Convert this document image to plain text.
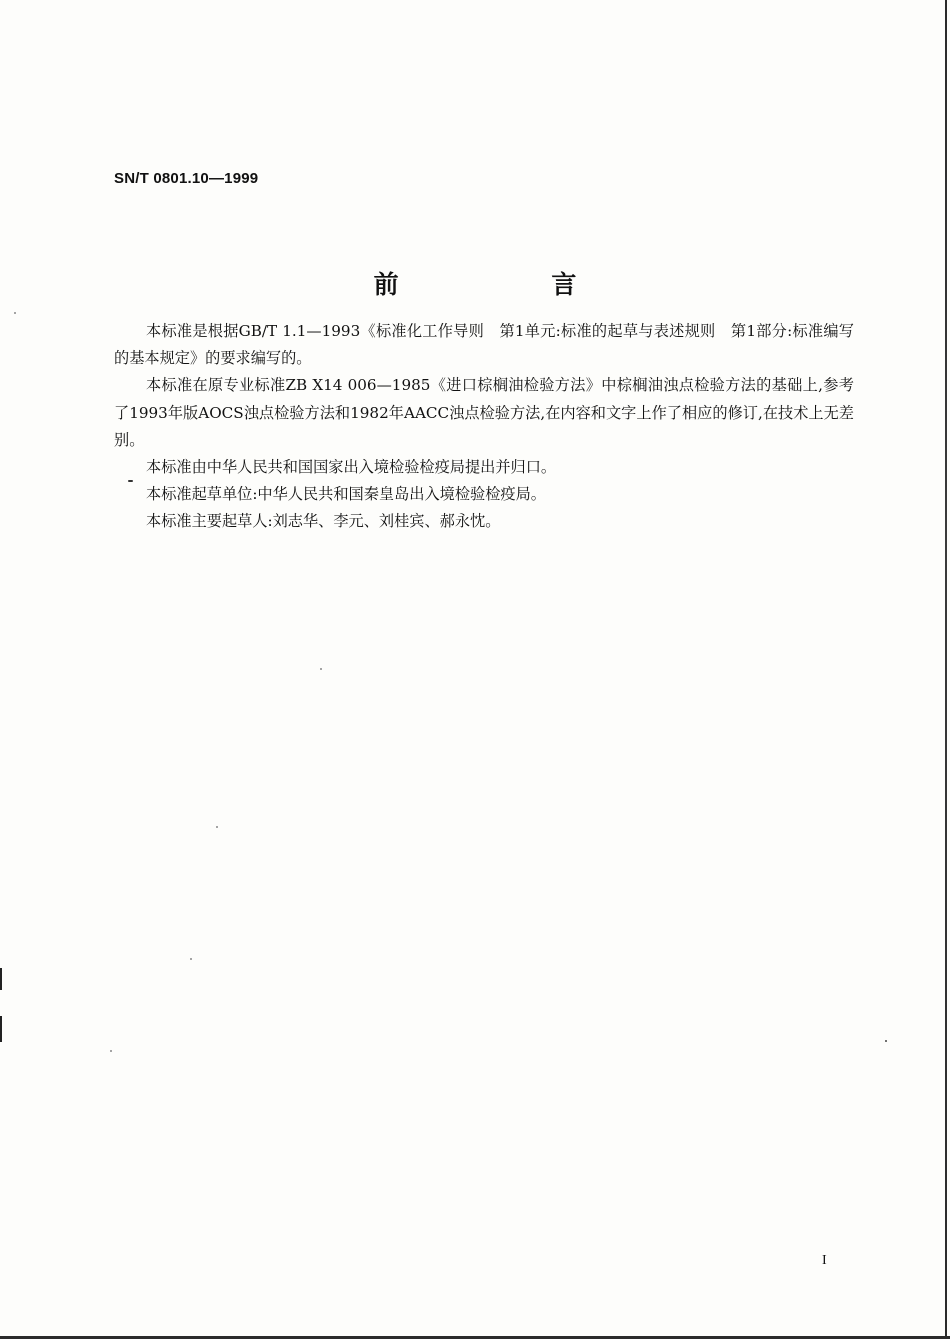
SN/T 0801.10—1999
前 言

本标准是根据GB/T 1.1—1993《标准化工作导则　第1单元:标准的起草与表述规则　第1部分:标准编写的基本规定》的要求编写的。

本标准在原专业标准ZB X14 006—1985《进口棕榈油检验方法》中棕榈油浊点检验方法的基础上,参考了1993年版AOCS浊点检验方法和1982年AACC浊点检验方法,在内容和文字上作了相应的修订,在技术上无差别。

本标准由中华人民共和国国家出入境检验检疫局提出并归口。

本标准起草单位:中华人民共和国秦皇岛出入境检验检疫局。

本标准主要起草人:刘志华、李元、刘桂宾、郝永忱。

I
